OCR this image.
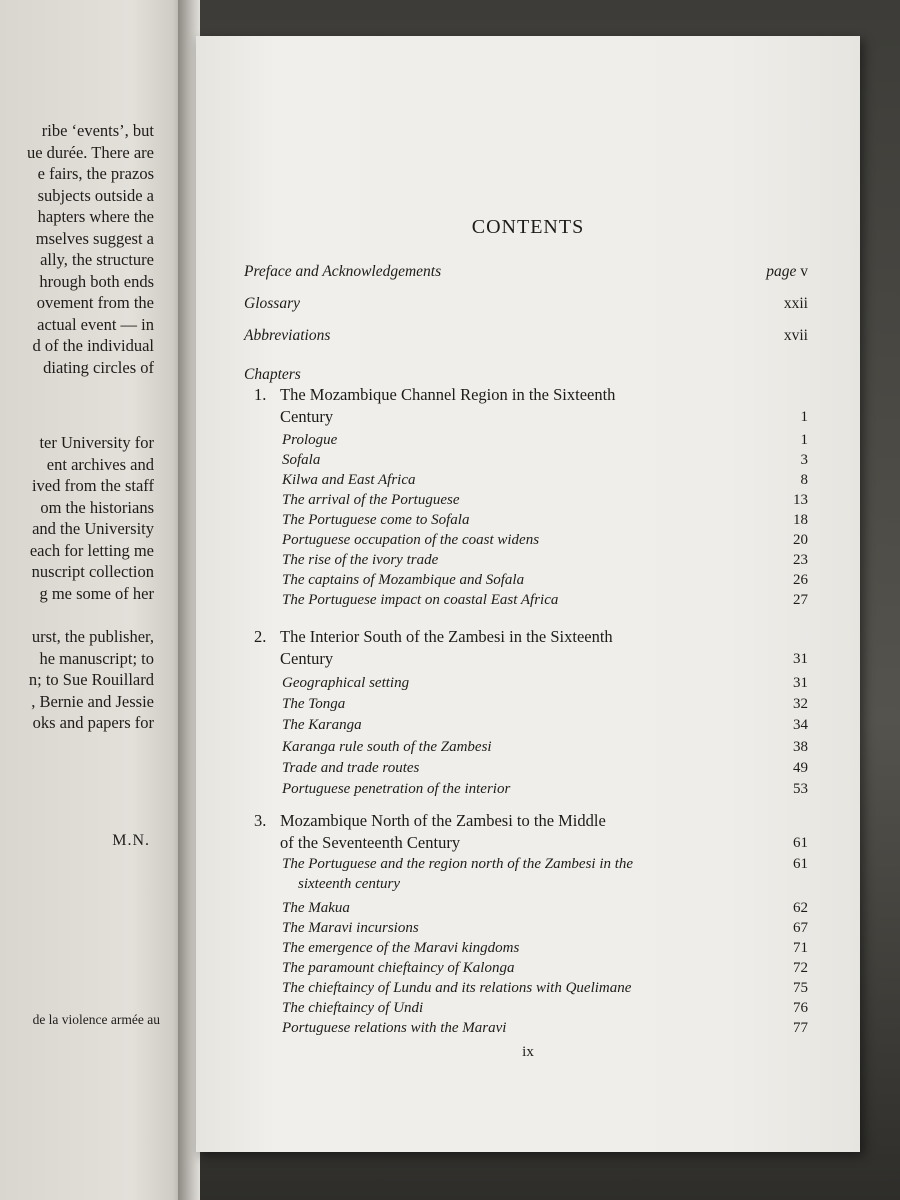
ribe ‘events’, but
ue durée. There are
e fairs, the prazos
subjects outside a
hapters where the
mselves suggest a
ally, the structure
hrough both ends
ovement from the
actual event — in
d of the individual
diating circles of
ter University for
ent archives and
ived from the staff
om the historians
and the University
each for letting me
nuscript collection
g me some of her
urst, the publisher,
he manuscript; to
n; to Sue Rouillard
, Bernie and Jessie
oks and papers for
M.N.
de la violence armée au
CONTENTS
Preface and Acknowledgements	page v
Glossary	xxii
Abbreviations	xvii
Chapters
1. The Mozambique Channel Region in the Sixteenth
Century	1
Prologue	1
Sofala	3
Kilwa and East Africa	8
The arrival of the Portuguese	13
The Portuguese come to Sofala	18
Portuguese occupation of the coast widens	20
The rise of the ivory trade	23
The captains of Mozambique and Sofala	26
The Portuguese impact on coastal East Africa	27
2. The Interior South of the Zambesi in the Sixteenth
Century	31
Geographical setting	31
The Tonga	32
The Karanga	34
Karanga rule south of the Zambesi	38
Trade and trade routes	49
Portuguese penetration of the interior	53
3. Mozambique North of the Zambesi to the Middle
of the Seventeenth Century	61
The Portuguese and the region north of the Zambesi in the	61
sixteenth century
The Makua	62
The Maravi incursions	67
The emergence of the Maravi kingdoms	71
The paramount chieftaincy of Kalonga	72
The chieftaincy of Lundu and its relations with Quelimane	75
The chieftaincy of Undi	76
Portuguese relations with the Maravi	77
ix
